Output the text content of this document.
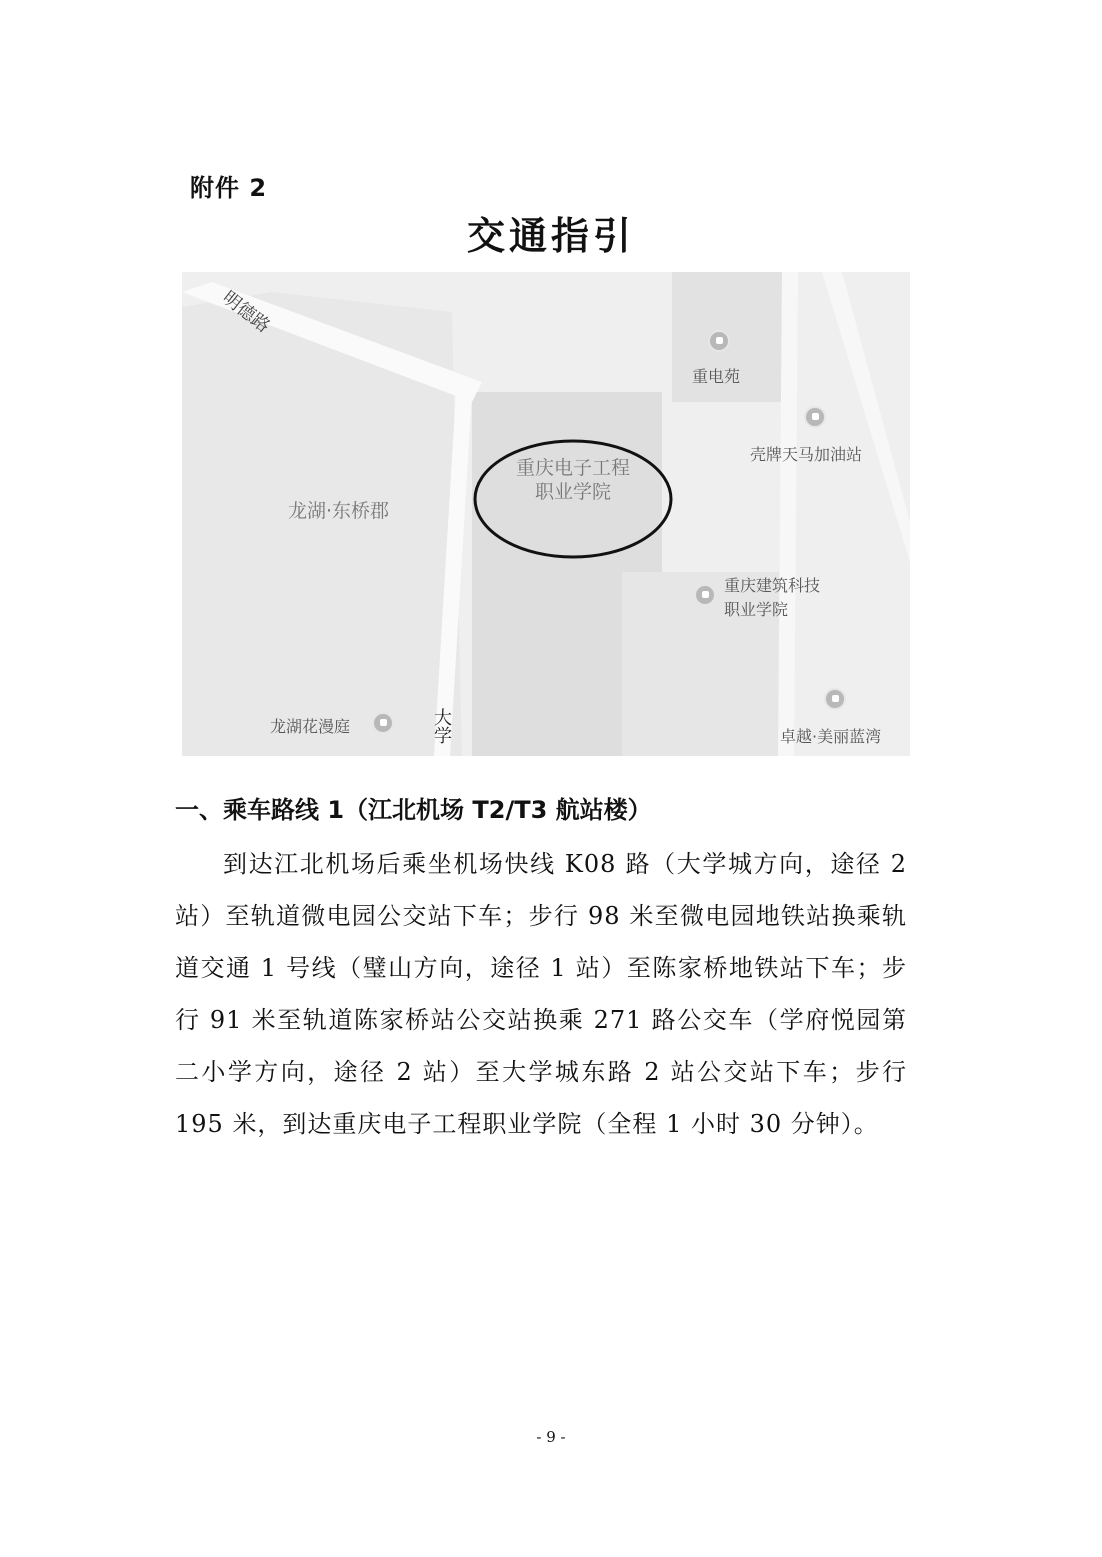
附件 2
交通指引
明德路
重电苑
壳牌天马加油站
重庆电子工程
职业学院
龙湖·东桥郡
重庆建筑科技
职业学院
卓越·美丽蓝湾
龙湖花漫庭	大学
一、乘车路线 1（江北机场 T2/T3 航站楼）
到达江北机场后乘坐机场快线 K08 路（大学城方向，途径 2 站）至轨道微电园公交站下车；步行 98 米至微电园地铁站换乘轨道交通 1 号线（璧山方向，途径 1 站）至陈家桥地铁站下车；步行 91 米至轨道陈家桥站公交站换乘 271 路公交车（学府悦园第二小学方向，途径 2 站）至大学城东路 2 站公交站下车；步行 195 米，到达重庆电子工程职业学院（全程 1 小时 30 分钟）。
- 9 -
